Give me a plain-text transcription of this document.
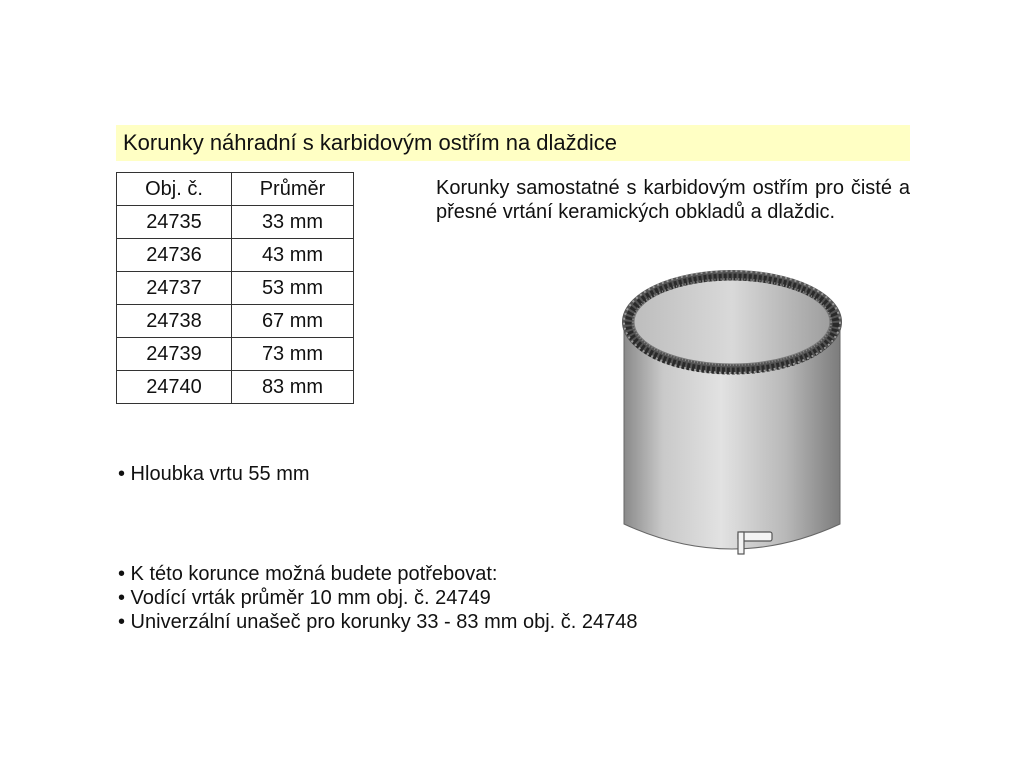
Korunky náhradní s karbidovým ostřím na dlaždice
Obj. č.	Průměr
24735	33 mm
24736	43 mm
24737	53 mm
24738	67 mm
24739	73 mm
24740	83 mm
Korunky samostatné s karbidovým ostřím pro čisté a přesné vrtání keramických obkladů a dlaždic.
• Hloubka vrtu 55 mm
• K této korunce možná budete potřebovat:
• Vodící vrták průměr 10 mm obj. č. 24749
• Univerzální unašeč pro korunky 33 - 83 mm obj. č. 24748
